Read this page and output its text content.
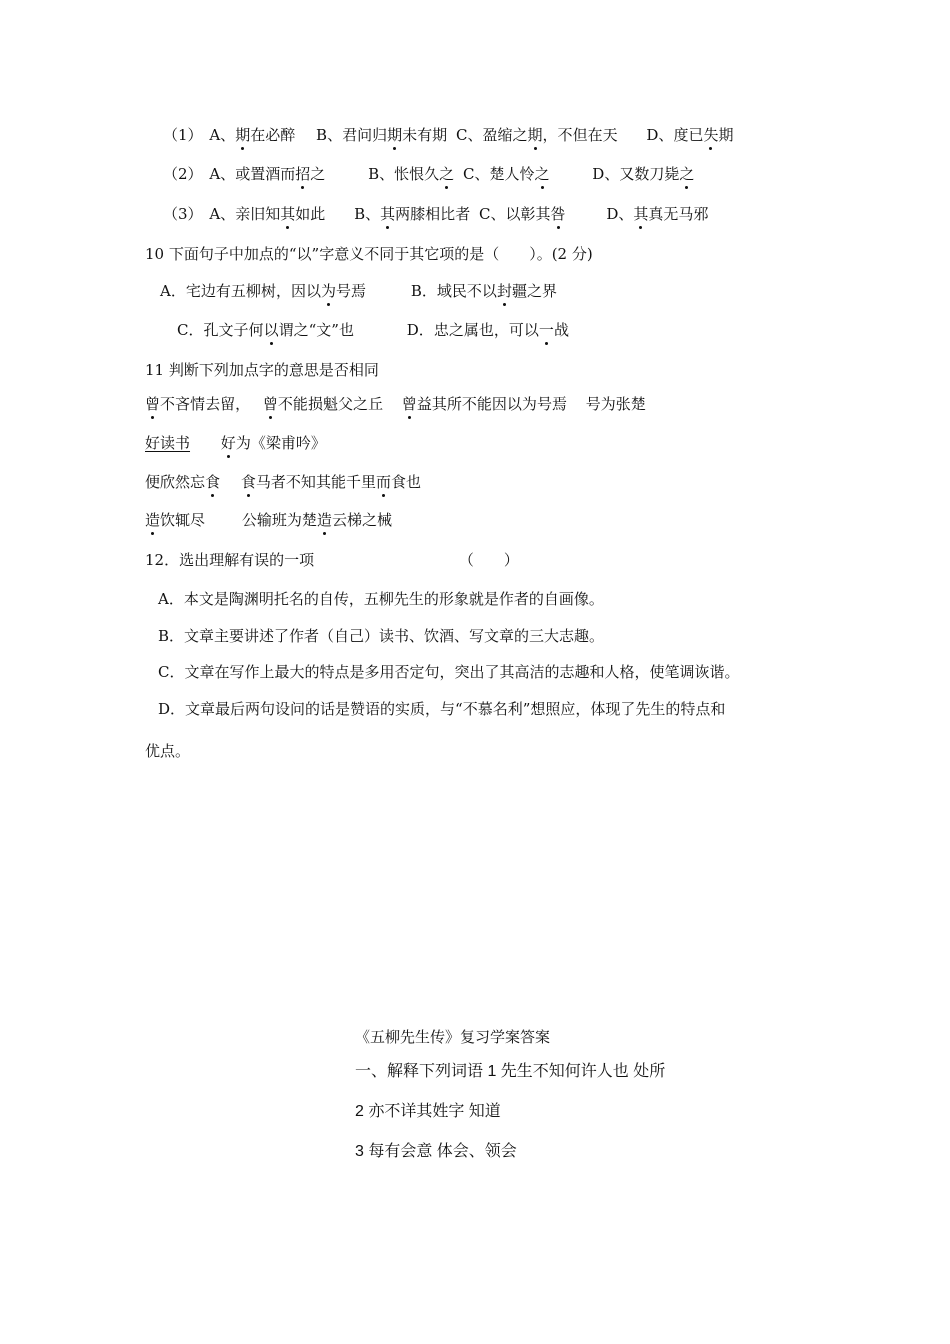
（1） A、期在必醉 B、君问归期未有期 C、盈缩之期，不但在天 D、度已失期
（2） A、或置酒而招之	B、怅恨久之 C、楚人怜之	D、又数刀毙之
（3） A、亲旧知其如此 B、其两膝相比者 C、以彰其咎	D、其真无马邪
10 下面句子中加点的“以”字意义不同于其它项的是（　　）。(2 分)
A．宅边有五柳树，因以为号焉	B．域民不以封疆之界
C．孔文子何以谓之“文”也	D．忠之属也，可以一战
11 判断下列加点字的意思是否相同
曾不吝情去留， 曾不能损魁父之丘 曾益其所不能因以为号焉 号为张楚
好读书 好为《梁甫吟》
便欣然忘食 食马者不知其能千里而食也
造饮辄尽 公输班为楚造云梯之械
12．选出理解有误的一项	（　　）
A．本文是陶渊明托名的自传，五柳先生的形象就是作者的自画像。
B．文章主要讲述了作者（自己）读书、饮酒、写文章的三大志趣。
C．文章在写作上最大的特点是多用否定句，突出了其高洁的志趣和人格，使笔调诙谐。
D．文章最后两句设问的话是赞语的实质，与“不慕名利”想照应，体现了先生的特点和
优点。
《五柳先生传》复习学案答案
一、解释下列词语 1 先生不知何许人也 处所
2 亦不详其姓字 知道
3 每有会意 体会、领会
